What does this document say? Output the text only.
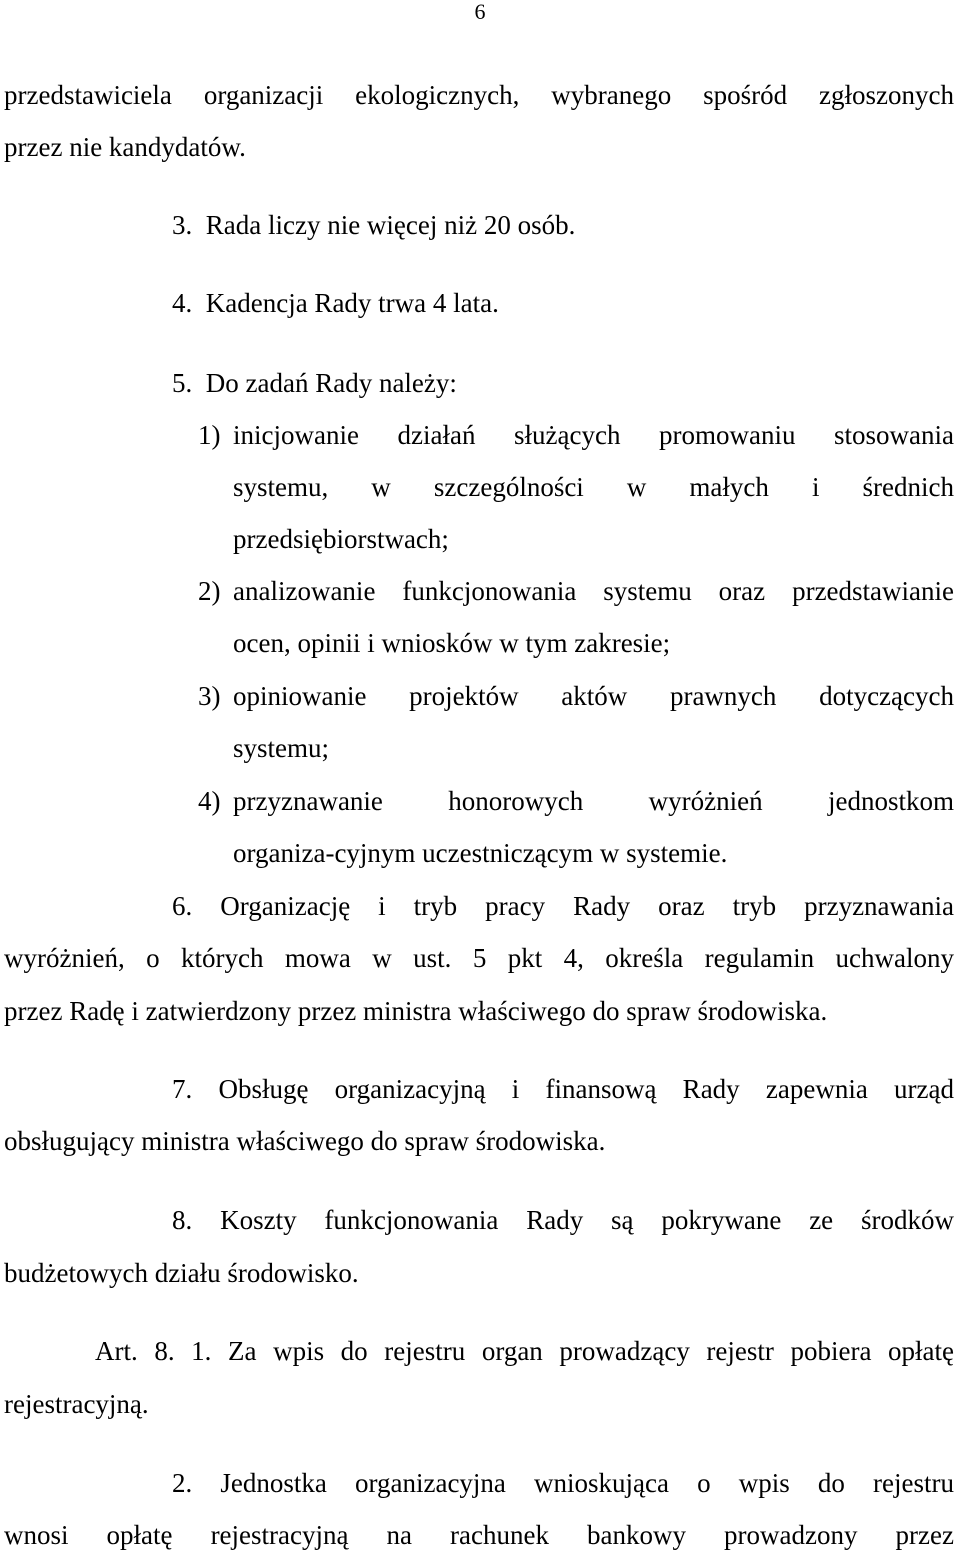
6
przedstawiciela organizacji ekologicznych, wybranego spośród zgłoszonych
przez nie kandydatów.
3.  Rada liczy nie więcej niż 20 osób.
4.  Kadencja Rady trwa 4 lata.
5.  Do zadań Rady należy:
1) inicjowanie działań służących promowaniu stosowania
systemu, w szczególności w małych i średnich
przedsiębiorstwach;
2) analizowanie funkcjonowania systemu oraz przedstawianie
ocen, opinii i wniosków w tym zakresie;
3) opiniowanie projektów aktów prawnych dotyczących
systemu;
4) przyznawanie honorowych wyróżnień jednostkom
organiza-cyjnym uczestniczącym w systemie.
6. Organizację i tryb pracy Rady oraz tryb przyznawania
wyróżnień, o których mowa w ust. 5 pkt 4, określa regulamin uchwalony
przez Radę i zatwierdzony przez ministra właściwego do spraw środowiska.
7. Obsługę organizacyjną i finansową Rady zapewnia urząd
obsługujący ministra właściwego do spraw środowiska.
8. Koszty funkcjonowania Rady są pokrywane ze środków
budżetowych działu środowisko.
Art. 8. 1. Za wpis do rejestru organ prowadzący rejestr pobiera opłatę
rejestracyjną.
2. Jednostka organizacyjna wnioskująca o wpis do rejestru
wnosi opłatę rejestracyjną na rachunek bankowy prowadzony przez
